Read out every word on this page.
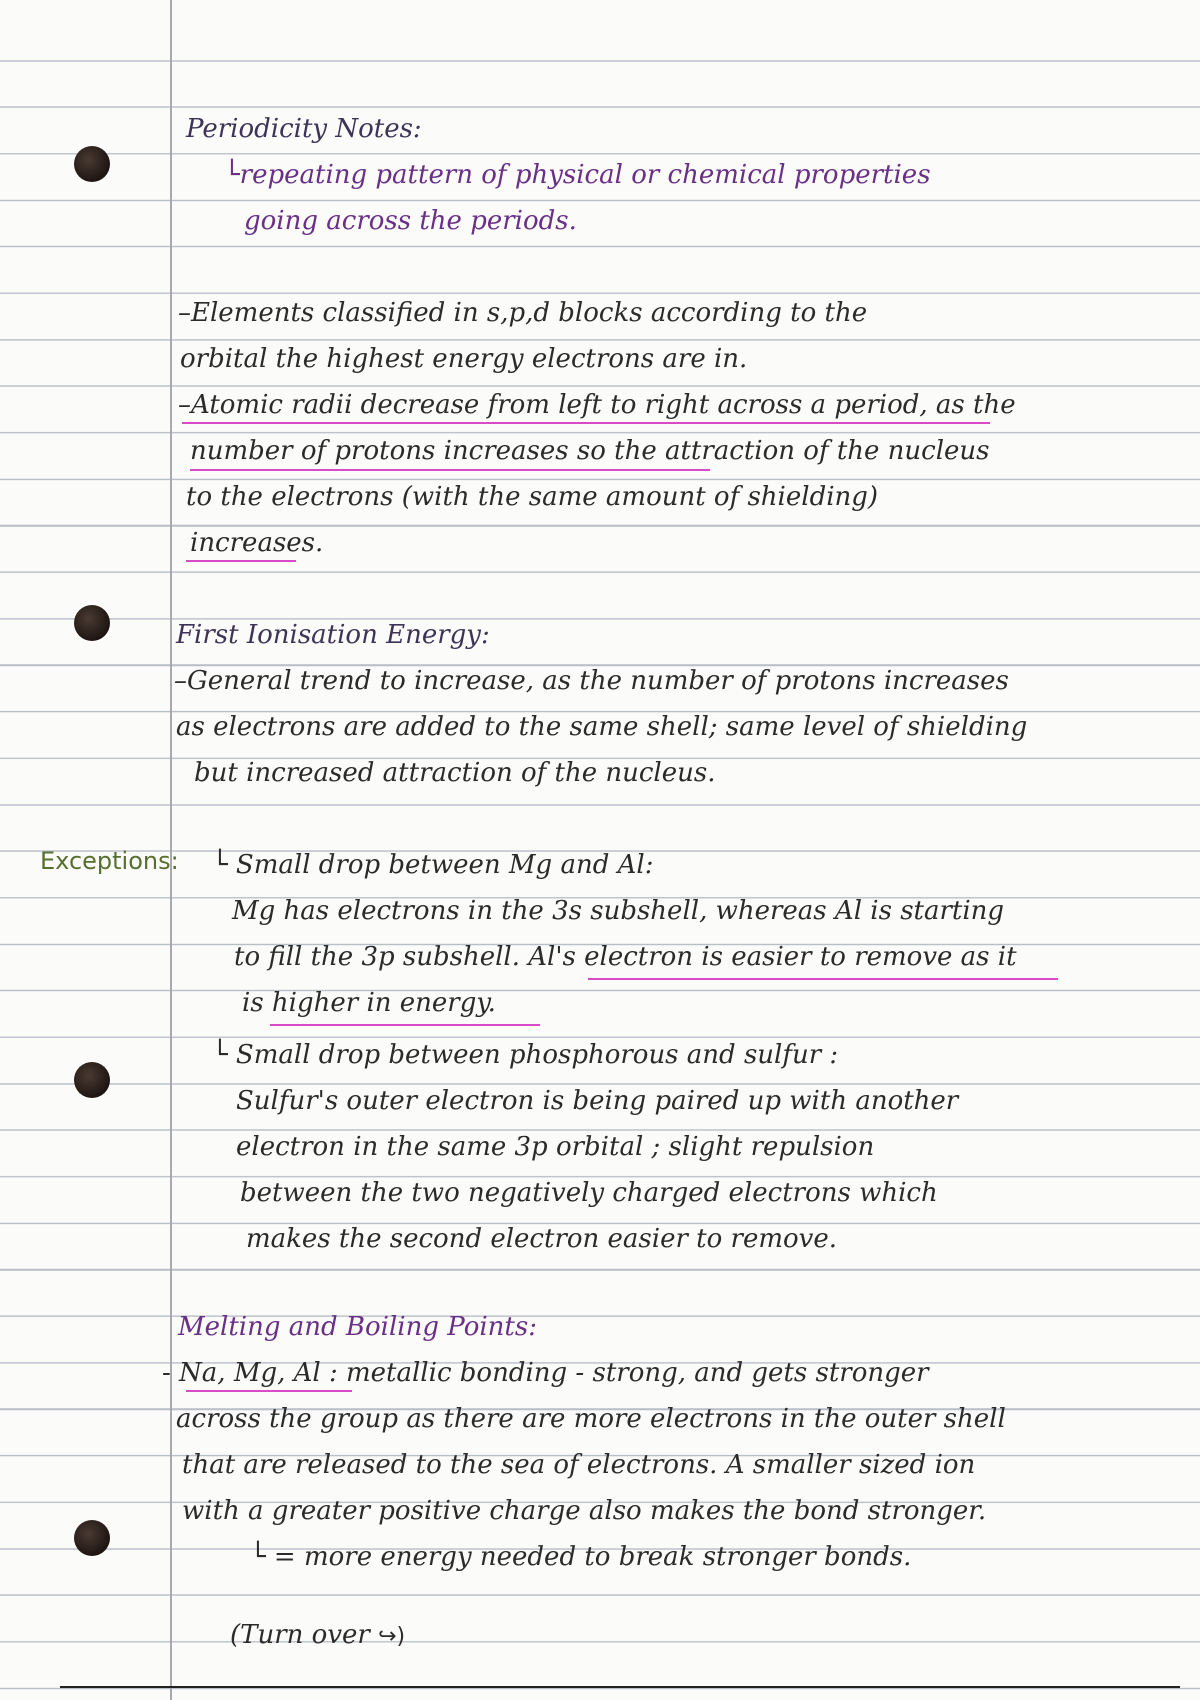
Periodicity Notes:
└repeating pattern of physical or chemical properties
going across the periods.
–Elements classified in s,p,d blocks according to the
orbital the highest energy electrons are in.
–Atomic radii decrease from left to right across a period, as the
number of protons increases so the attraction of the nucleus
to the electrons (with the same amount of shielding)
increases.
First Ionisation Energy:
–General trend to increase, as the number of protons increases
as electrons are added to the same shell; same level of shielding
but increased attraction of the nucleus.
Exceptions: └ Small drop between Mg and Al:
Mg has electrons in the 3s subshell, whereas Al is starting
to fill the 3p subshell. Al's electron is easier to remove as it
is higher in energy.
└ Small drop between phosphorous and sulfur :
Sulfur's outer electron is being paired up with another
electron in the same 3p orbital ; slight repulsion
between the two negatively charged electrons which
makes the second electron easier to remove.
Melting and Boiling Points:
- Na, Mg, Al : metallic bonding - strong, and gets stronger
across the group as there are more electrons in the outer shell
that are released to the sea of electrons. A smaller sized ion
with a greater positive charge also makes the bond stronger.
└ = more energy needed to break stronger bonds.
(Turn over ↪)
